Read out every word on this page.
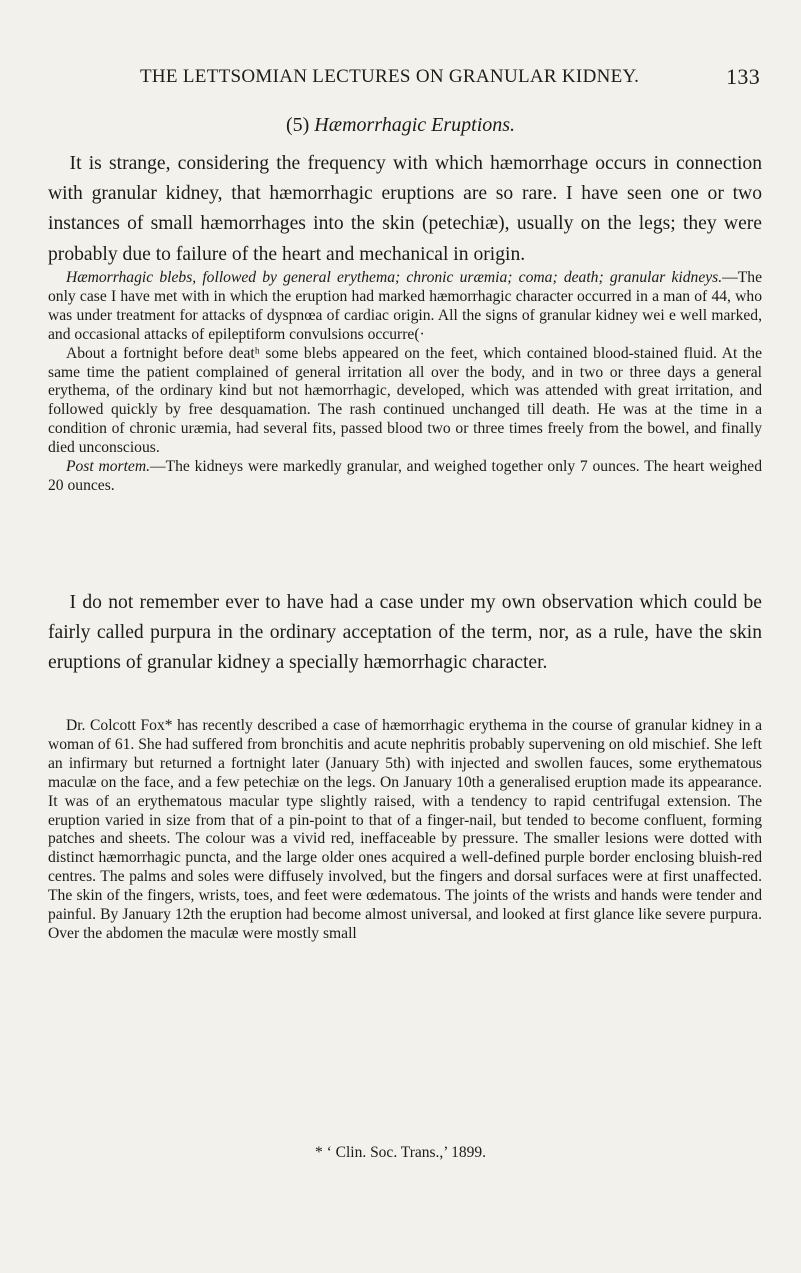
THE LETTSOMIAN LECTURES ON GRANULAR KIDNEY.	133
(5) Hæmorrhagic Eruptions.

It is strange, considering the frequency with which hæmorrhage occurs in connection with granular kidney, that hæmorrhagic eruptions are so rare. I have seen one or two instances of small hæmorrhages into the skin (petechiæ), usually on the legs; they were probably due to failure of the heart and mechanical in origin.

Hæmorrhagic blebs, followed by general erythema; chronic uræmia; coma; death; granular kidneys.—The only case I have met with in which the eruption had marked hæmorrhagic character occurred in a man of 44, who was under treatment for attacks of dyspnœa of cardiac origin. All the signs of granular kidney wei e well marked, and occasional attacks of epileptiform convulsions occurre(·

About a fortnight before deatʰ some blebs appeared on the feet, which contained blood-stained fluid. At the same time the patient complained of general irritation all over the body, and in two or three days a general erythema, of the ordinary kind but not hæmorrhagic, developed, which was attended with great irritation, and followed quickly by free desquamation. The rash continued unchanged till death. He was at the time in a condition of chronic uræmia, had several fits, passed blood two or three times freely from the bowel, and finally died unconscious.

Post mortem.—The kidneys were markedly granular, and weighed together only 7 ounces. The heart weighed 20 ounces.

I do not remember ever to have had a case under my own observation which could be fairly called purpura in the ordinary acceptation of the term, nor, as a rule, have the skin eruptions of granular kidney a specially hæmorrhagic character.

Dr. Colcott Fox* has recently described a case of hæmorrhagic erythema in the course of granular kidney in a woman of 61. She had suffered from bronchitis and acute nephritis probably supervening on old mischief. She left an infirmary but returned a fortnight later (January 5th) with injected and swollen fauces, some erythematous maculæ on the face, and a few petechiæ on the legs. On January 10th a generalised eruption made its appearance. It was of an erythematous macular type slightly raised, with a tendency to rapid centrifugal extension. The eruption varied in size from that of a pin-point to that of a finger-nail, but tended to become confluent, forming patches and sheets. The colour was a vivid red, ineffaceable by pressure. The smaller lesions were dotted with distinct hæmorrhagic puncta, and the large older ones acquired a well-defined purple border enclosing bluish-red centres. The palms and soles were diffusely involved, but the fingers and dorsal surfaces were at first unaffected. The skin of the fingers, wrists, toes, and feet were œdematous. The joints of the wrists and hands were tender and painful. By January 12th the eruption had become almost universal, and looked at first glance like severe purpura. Over the abdomen the maculæ were mostly small

* ‘ Clin. Soc. Trans.,’ 1899.
